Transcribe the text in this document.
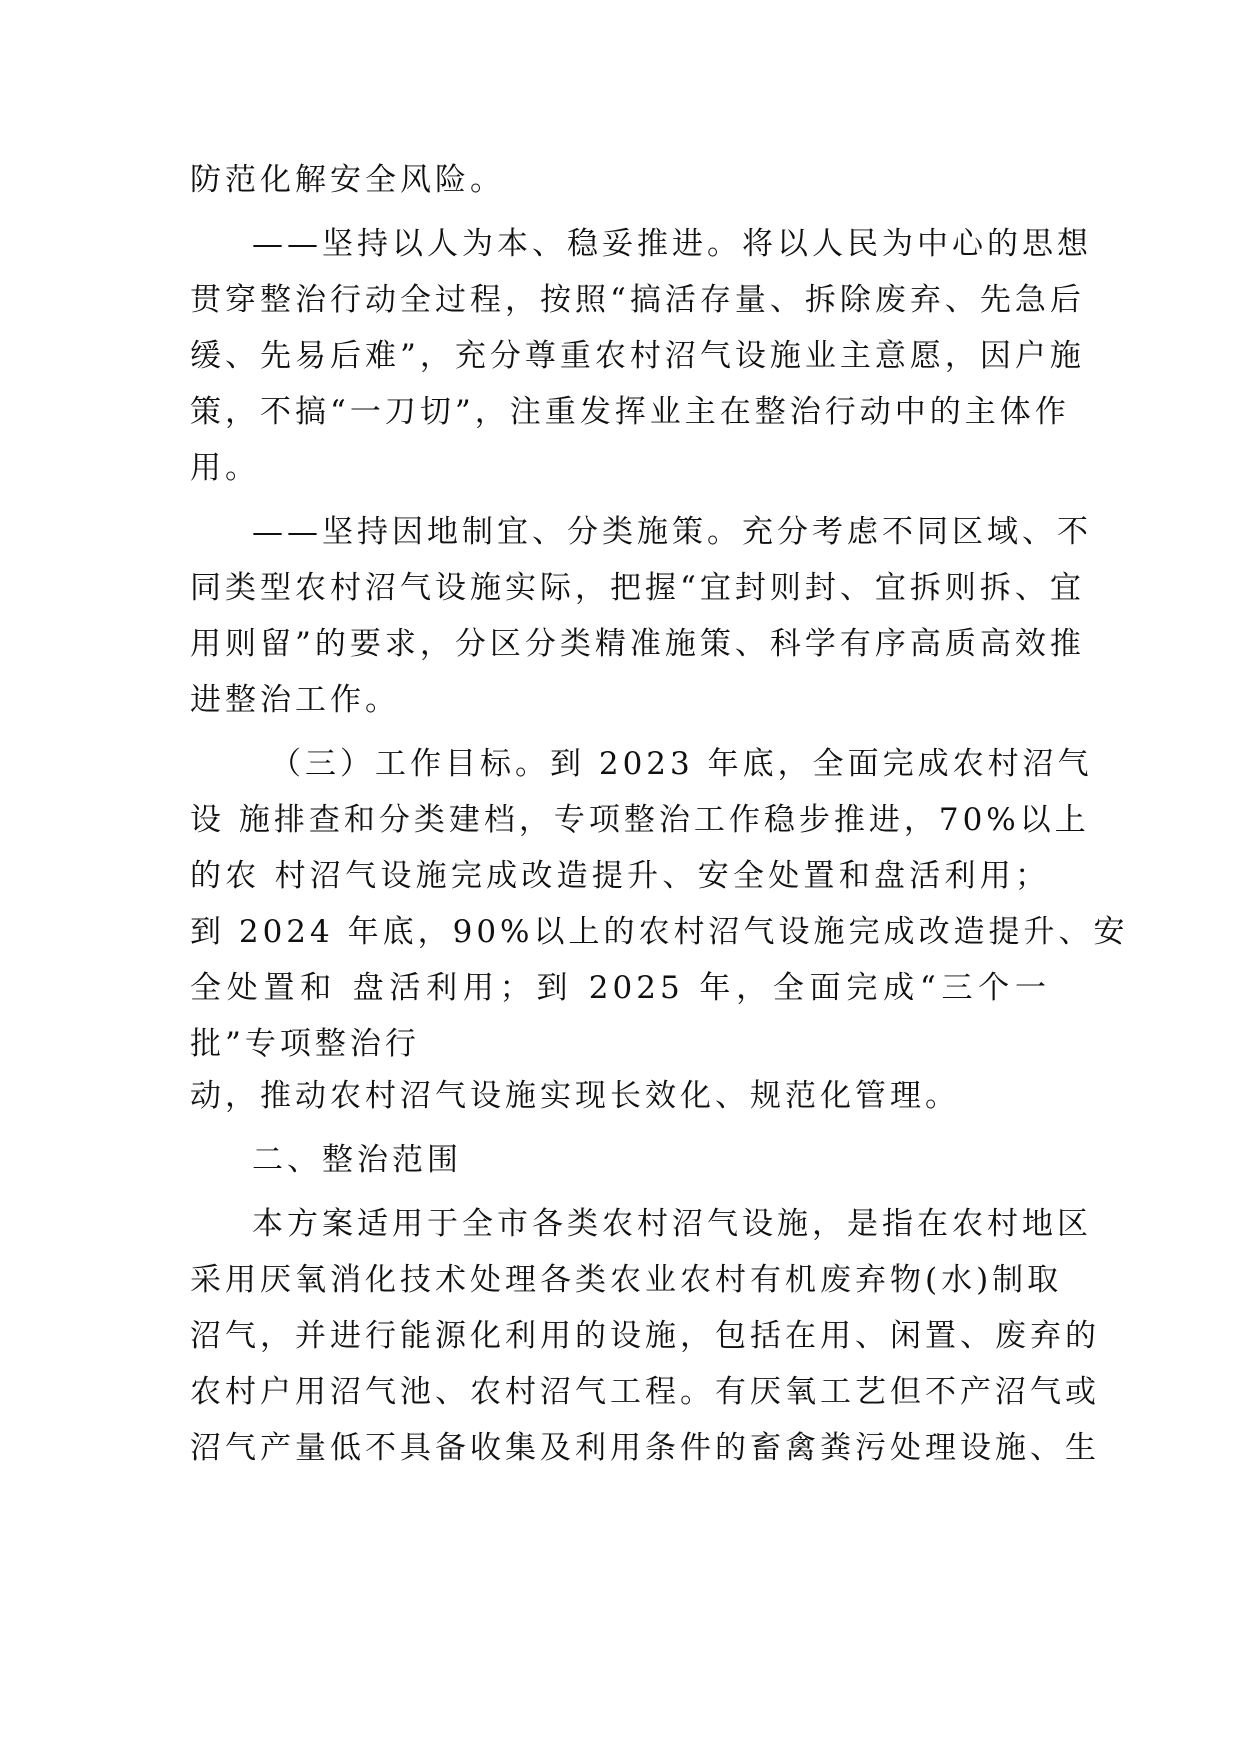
防范化解安全风险。
——坚持以人为本、稳妥推进。将以人民为中心的思想
贯穿整治行动全过程，按照“搞活存量、拆除废弃、先急后
缓、先易后难”，充分尊重农村沼气设施业主意愿，因户施
策，不搞“一刀切”，注重发挥业主在整治行动中的主体作
用。
——坚持因地制宜、分类施策。充分考虑不同区域、不
同类型农村沼气设施实际，把握“宜封则封、宜拆则拆、宜
用则留”的要求，分区分类精准施策、科学有序高质高效推
进整治工作。
（三）工作目标。到 2023 年底，全面完成农村沼气
设 施排查和分类建档，专项整治工作稳步推进，70%以上
的农 村沼气设施完成改造提升、安全处置和盘活利用；
到 2024 年底，90%以上的农村沼气设施完成改造提升、安
全处置和 盘活利用；到 2025 年，全面完成“三个一
批”专项整治行
动，推动农村沼气设施实现长效化、规范化管理。
二、整治范围
本方案适用于全市各类农村沼气设施，是指在农村地区
采用厌氧消化技术处理各类农业农村有机废弃物(水)制取
沼气，并进行能源化利用的设施，包括在用、闲置、废弃的
农村户用沼气池、农村沼气工程。有厌氧工艺但不产沼气或
沼气产量低不具备收集及利用条件的畜禽粪污处理设施、生
